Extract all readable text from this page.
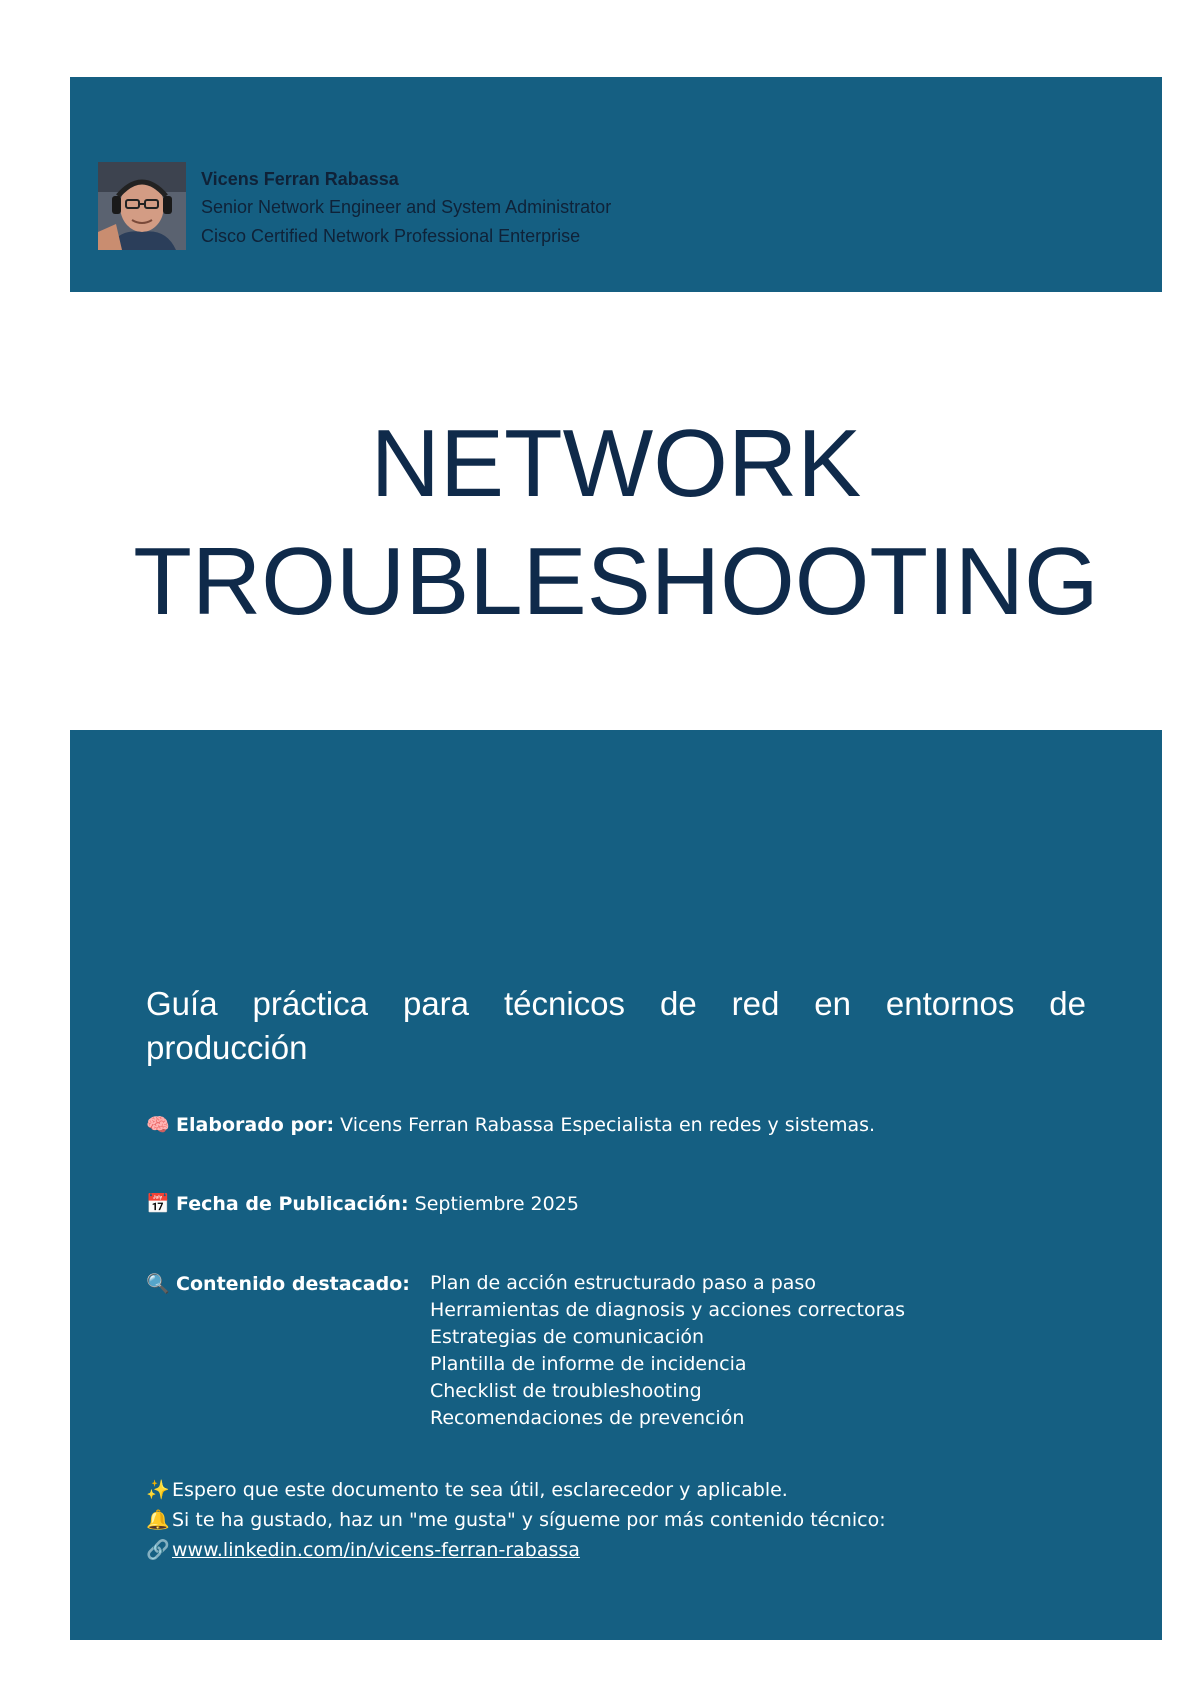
Vicens Ferran Rabassa
Senior Network Engineer and System Administrator
Cisco Certified Network Professional Enterprise
NETWORK
TROUBLESHOOTING
Guía práctica para técnicos de red en entornos de producción
🧠 Elaborado por: Vicens Ferran Rabassa Especialista en redes y sistemas.
📅 Fecha de Publicación: Septiembre 2025
🔍 Contenido destacado: Plan de acción estructurado paso a paso
Herramientas de diagnosis y acciones correctoras
Estrategias de comunicación
Plantilla de informe de incidencia
Checklist de troubleshooting
Recomendaciones de prevención
✨ Espero que este documento te sea útil, esclarecedor y aplicable.
🔔 Si te ha gustado, haz un "me gusta" y sígueme por más contenido técnico:
🔗 www.linkedin.com/in/vicens-ferran-rabassa
